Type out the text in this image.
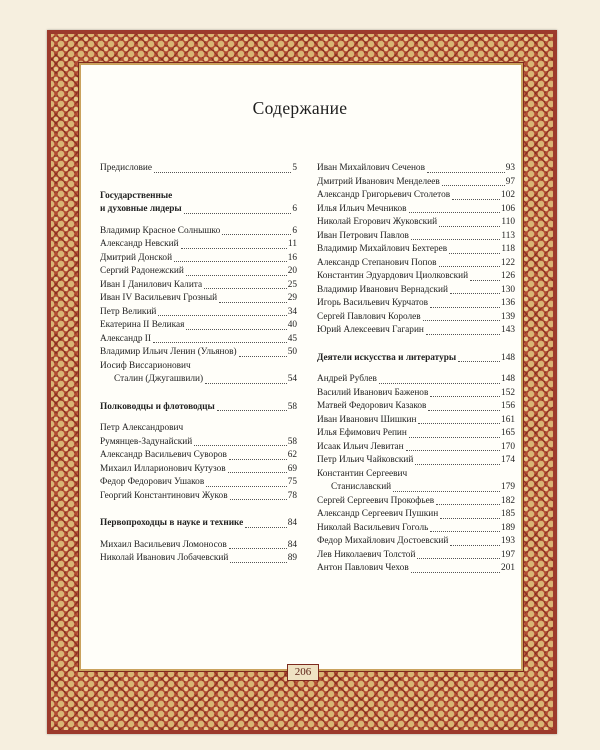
Содержание
Предисловие	5
Государственные
и духовные лидеры	6
Владимир Красное Солнышко	6
Александр Невский	11
Дмитрий Донской	16
Сергий Радонежский	20
Иван I Данилович Калита	25
Иван IV Васильевич Грозный	29
Петр Великий	34
Екатерина II Великая	40
Александр II	45
Владимир Ильич Ленин (Ульянов)	50
Иосиф Виссарионович
Сталин (Джугашвили)	54
Полководцы и флотоводцы	58
Петр Александрович
Румянцев-Задунайский	58
Александр Васильевич Суворов	62
Михаил Илларионович Кутузов	69
Федор Федорович Ушаков	75
Георгий Константинович Жуков	78
Первопроходцы в науке и технике	84
Михаил Васильевич Ломоносов	84
Николай Иванович Лобачевский	89
Иван Михайлович Сеченов	93
Дмитрий Иванович Менделеев	97
Александр Григорьевич Столетов	102
Илья Ильич Мечников	106
Николай Егорович Жуковский	110
Иван Петрович Павлов	113
Владимир Михайлович Бехтерев	118
Александр Степанович Попов	122
Константин Эдуардович Циолковский	126
Владимир Иванович Вернадский	130
Игорь Васильевич Курчатов	136
Сергей Павлович Королев	139
Юрий Алексеевич Гагарин	143
Деятели искусства и литературы	148
Андрей Рублев	148
Василий Иванович Баженов	152
Матвей Федорович Казаков	156
Иван Иванович Шишкин	161
Илья Ефимович Репин	165
Исаак Ильич Левитан	170
Петр Ильич Чайковский	174
Константин Сергеевич
Станиславский	179
Сергей Сергеевич Прокофьев	182
Александр Сергеевич Пушкин	185
Николай Васильевич Гоголь	189
Федор Михайлович Достоевский	193
Лев Николаевич Толстой	197
Антон Павлович Чехов	201
206
